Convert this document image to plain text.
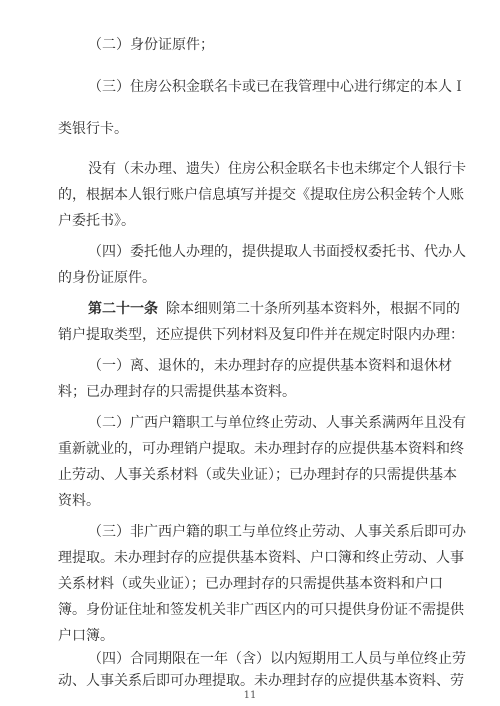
（二）身份证原件；
（三）住房公积金联名卡或已在我管理中心进行绑定的本人Ｉ
类银行卡。
没有（未办理、遗失）住房公积金联名卡也未绑定个人银行卡
的，根据本人银行账户信息填写并提交《提取住房公积金转个人账
户委托书》。
（四）委托他人办理的，提供提取人书面授权委托书、代办人
的身份证原件。
第二十一条 除本细则第二十条所列基本资料外，根据不同的
销户提取类型，还应提供下列材料及复印件并在规定时限内办理：
（一）离、退休的，未办理封存的应提供基本资料和退休材
料；已办理封存的只需提供基本资料。
（二）广西户籍职工与单位终止劳动、人事关系满两年且没有
重新就业的，可办理销户提取。未办理封存的应提供基本资料和终
止劳动、人事关系材料（或失业证）；已办理封存的只需提供基本
资料。
（三）非广西户籍的职工与单位终止劳动、人事关系后即可办
理提取。未办理封存的应提供基本资料、户口簿和终止劳动、人事
关系材料（或失业证）；已办理封存的只需提供基本资料和户口
簿。身份证住址和签发机关非广西区内的可只提供身份证不需提供
户口簿。
（四）合同期限在一年（含）以内短期用工人员与单位终止劳
动、人事关系后即可办理提取。未办理封存的应提供基本资料、劳
11
